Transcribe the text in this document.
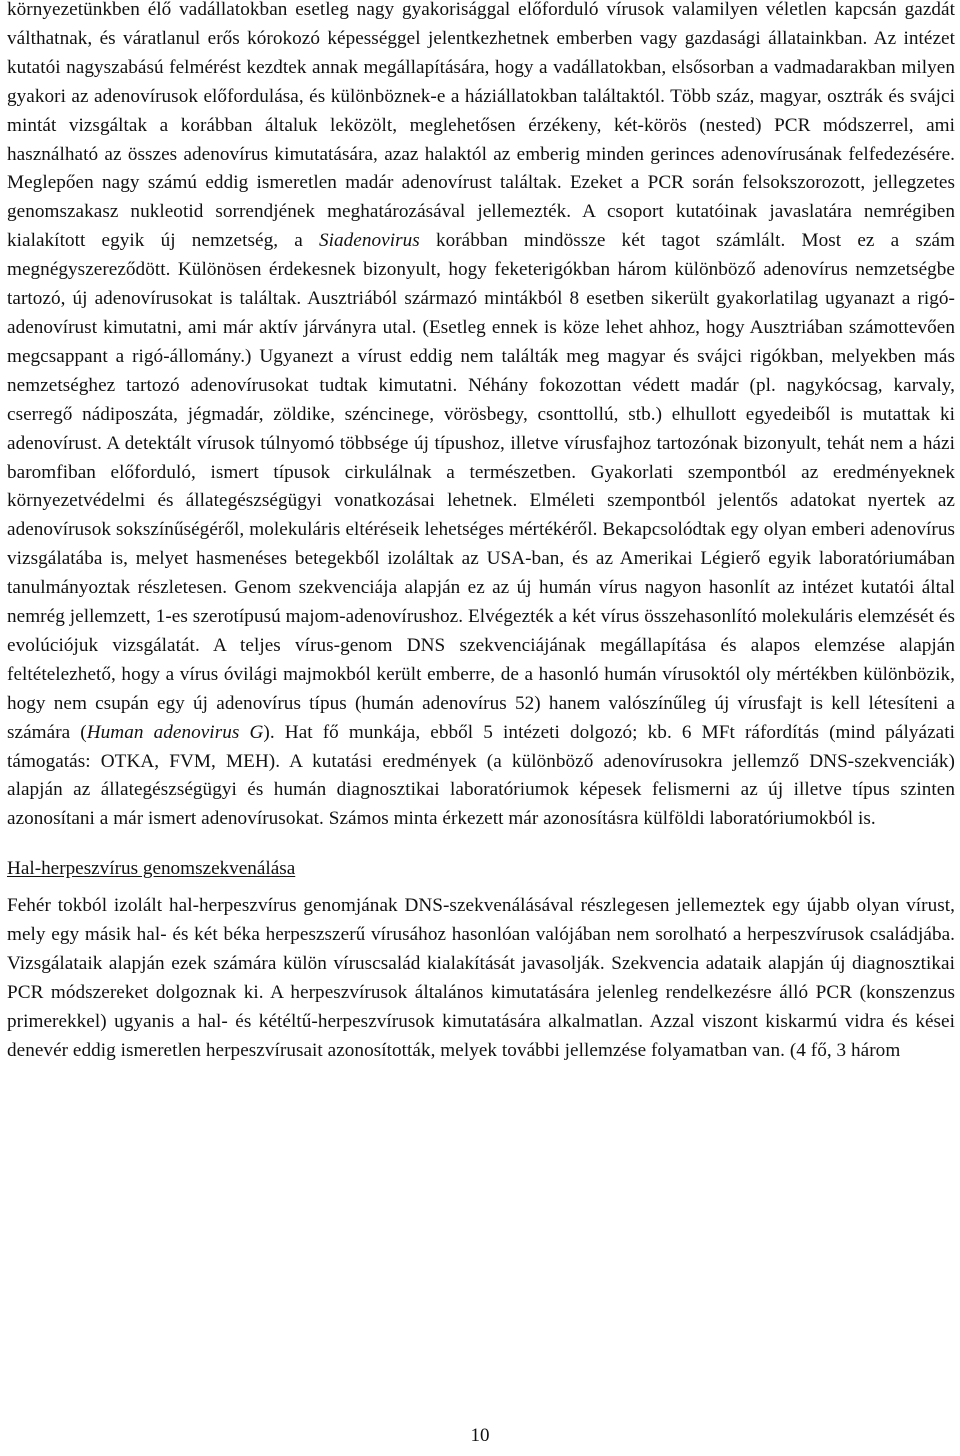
környezetünkben élő vadállatokban esetleg nagy gyakorisággal előforduló vírusok valamilyen véletlen kapcsán gazdát válthatnak, és váratlanul erős kórokozó képességgel jelentkezhetnek emberben vagy gazdasági állatainkban. Az intézet kutatói nagyszabású felmérést kezdtek annak megállapítására, hogy a vadállatokban, elsősorban a vadmadarakban milyen gyakori az adenovírusok előfordulása, és különböznek-e a háziállatokban találtaktól. Több száz, magyar, osztrák és svájci mintát vizsgáltak a korábban általuk leközölt, meglehetősen érzékeny, két-körös (nested) PCR módszerrel, ami használható az összes adenovírus kimutatására, azaz halaktól az emberig minden gerinces adenovírusának felfedezésére. Meglepően nagy számú eddig ismeretlen madár adenovírust találtak. Ezeket a PCR során felsokszorozott, jellegzetes genomszakasz nukleotid sorrendjének meghatározásával jellemezték. A csoport kutatóinak javaslatára nemrégiben kialakított egyik új nemzetség, a Siadenovirus korábban mindössze két tagot számlált. Most ez a szám megnégyszereződött. Különösen érdekesnek bizonyult, hogy feketerigókban három különböző adenovírus nemzetségbe tartozó, új adenovírusokat is találtak. Ausztriából származó mintákból 8 esetben sikerült gyakorlatilag ugyanazt a rigó-adenovírust kimutatni, ami már aktív járványra utal. (Esetleg ennek is köze lehet ahhoz, hogy Ausztriában számottevően megcsappant a rigó-állomány.) Ugyanezt a vírust eddig nem találták meg magyar és svájci rigókban, melyekben más nemzetséghez tartozó adenovírusokat tudtak kimutatni. Néhány fokozottan védett madár (pl. nagykócsag, karvaly, cserregő nádiposzáta, jégmadár, zöldike, széncinege, vörösbegy, csonttollú, stb.) elhullott egyedeiből is mutattak ki adenovírust. A detektált vírusok túlnyomó többsége új típushoz, illetve vírusfajhoz tartozónak bizonyult, tehát nem a házi baromfiban előforduló, ismert típusok cirkulálnak a természetben. Gyakorlati szempontból az eredményeknek környezetvédelmi és állategészségügyi vonatkozásai lehetnek. Elméleti szempontból jelentős adatokat nyertek az adenovírusok sokszínűségéről, molekuláris eltéréseik lehetséges mértékéről. Bekapcsolódtak egy olyan emberi adenovírus vizsgálatába is, melyet hasmenéses betegekből izoláltak az USA-ban, és az Amerikai Légierő egyik laboratóriumában tanulmányoztak részletesen. Genom szekvenciája alapján ez az új humán vírus nagyon hasonlít az intézet kutatói által nemrég jellemzett, 1-es szerotípusú majom-adenovírushoz. Elvégezték a két vírus összehasonlító molekuláris elemzését és evolúciójuk vizsgálatát. A teljes vírus-genom DNS szekvenciájának megállapítása és alapos elemzése alapján feltételezhető, hogy a vírus óvilági majmokból került emberre, de a hasonló humán vírusoktól oly mértékben különbözik, hogy nem csupán egy új adenovírus típus (humán adenovírus 52) hanem valószínűleg új vírusfajt is kell létesíteni a számára (Human adenovirus G). Hat fő munkája, ebből 5 intézeti dolgozó; kb. 6 MFt ráfordítás (mind pályázati támogatás: OTKA, FVM, MEH). A kutatási eredmények (a különböző adenovírusokra jellemző DNS-szekvenciák) alapján az állategészségügyi és humán diagnosztikai laboratóriumok képesek felismerni az új illetve típus szinten azonosítani a már ismert adenovírusokat. Számos minta érkezett már azonosításra külföldi laboratóriumokból is.

Hal-herpeszvírus genomszekvenálása

Fehér tokból izolált hal-herpeszvírus genomjának DNS-szekvenálásával részlegesen jellemeztek egy újabb olyan vírust, mely egy másik hal- és két béka herpeszszerű vírusához hasonlóan valójában nem sorolható a herpeszvírusok családjába. Vizsgálataik alapján ezek számára külön víruscsalád kialakítását javasolják. Szekvencia adataik alapján új diagnosztikai PCR módszereket dolgoznak ki. A herpeszvírusok általános kimutatására jelenleg rendelkezésre álló PCR (konszenzus primerekkel) ugyanis a hal- és kétéltű-herpeszvírusok kimutatására alkalmatlan. Azzal viszont kiskarmú vidra és kései denevér eddig ismeretlen herpeszvírusait azonosították, melyek további jellemzése folyamatban van. (4 fő, 3 három

10
